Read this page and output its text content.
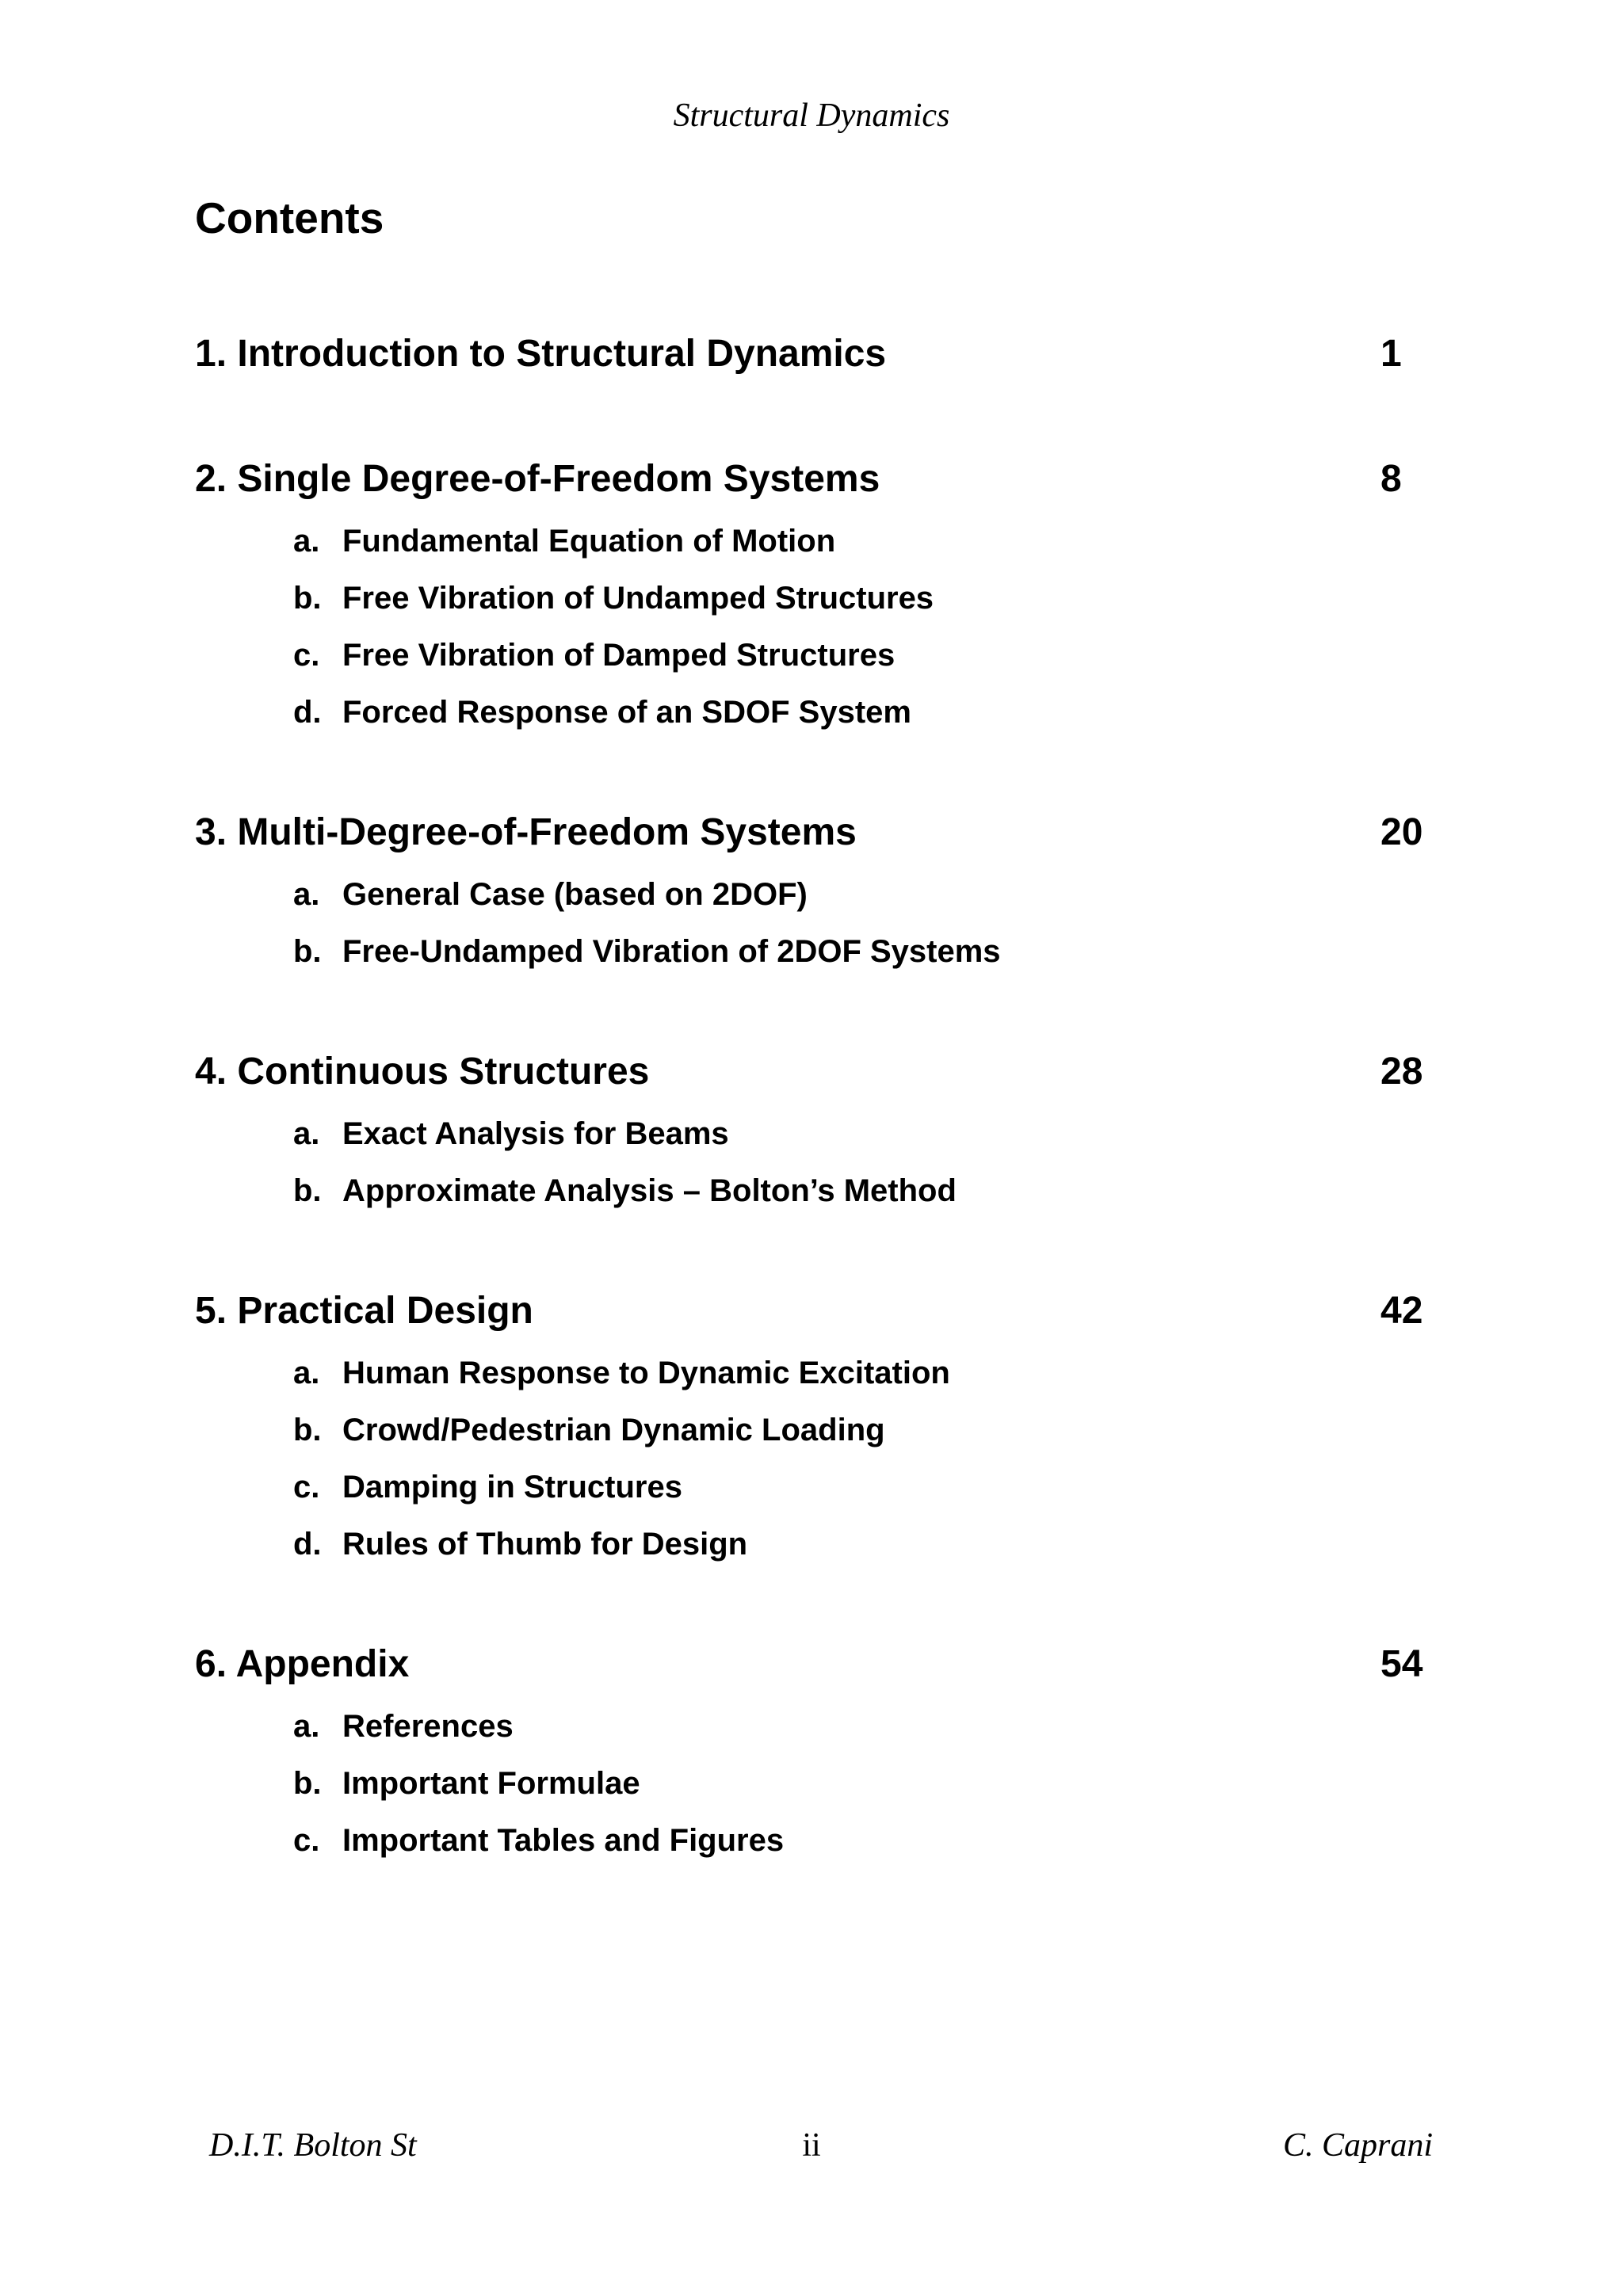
Structural Dynamics
Contents
1. Introduction to Structural Dynamics	1
2. Single Degree-of-Freedom Systems	8
a. Fundamental Equation of Motion
b. Free Vibration of Undamped Structures
c. Free Vibration of Damped Structures
d. Forced Response of an SDOF System
3. Multi-Degree-of-Freedom Systems	20
a. General Case (based on 2DOF)
b. Free-Undamped Vibration of 2DOF Systems
4. Continuous Structures	28
a. Exact Analysis for Beams
b. Approximate Analysis – Bolton’s Method
5. Practical Design	42
a. Human Response to Dynamic Excitation
b. Crowd/Pedestrian Dynamic Loading
c. Damping in Structures
d. Rules of Thumb for Design
6. Appendix	54
a. References
b. Important Formulae
c. Important Tables and Figures
D.I.T. Bolton St	ii	C. Caprani
